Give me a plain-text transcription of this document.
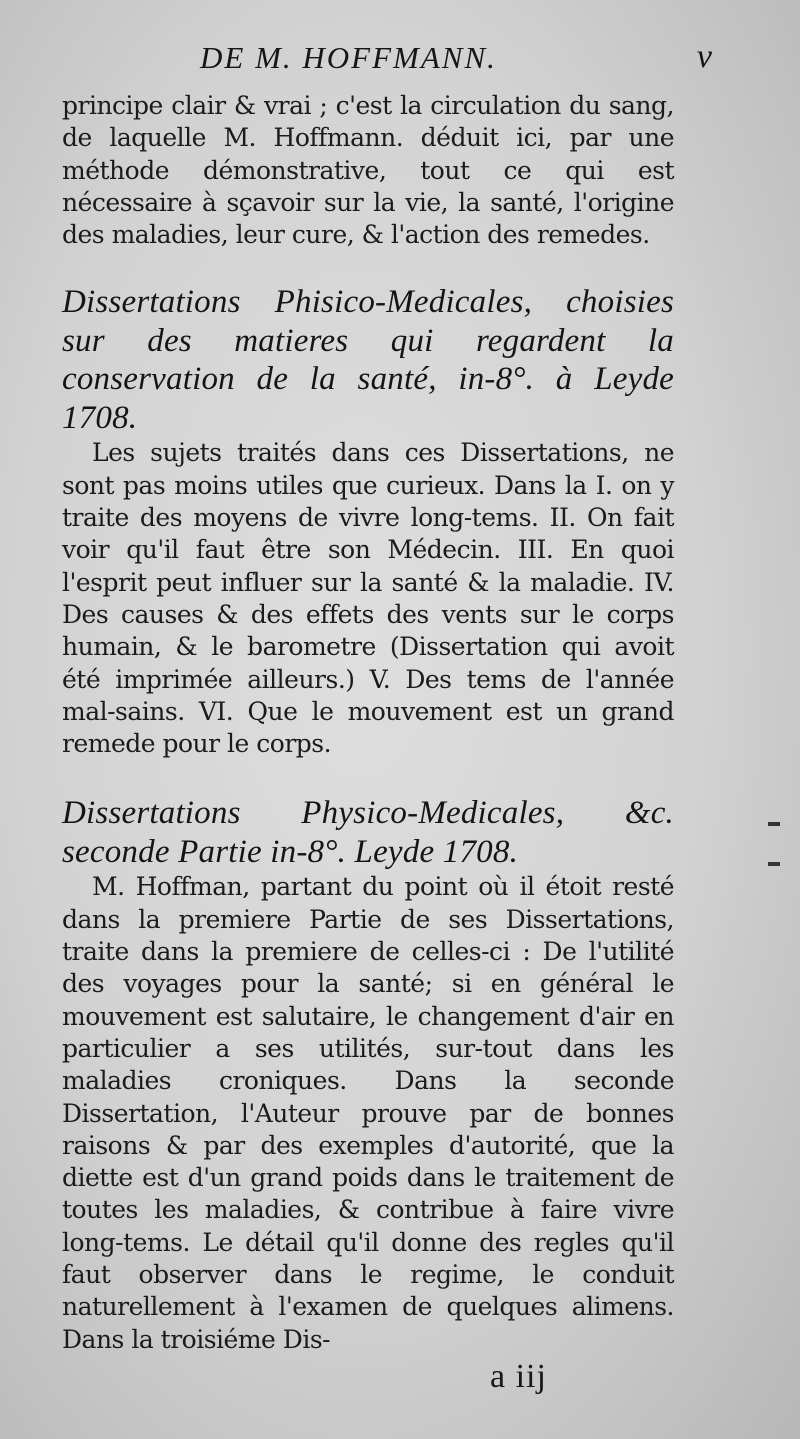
DE M. HOFFMANN.	v

principe clair & vrai ; c'est la circulation du sang, de laquelle M. Hoffmann. déduit ici, par une méthode démonstrative, tout ce qui est nécessaire à sçavoir sur la vie, la santé, l'origine des maladies, leur cure, & l'action des remedes.

Dissertations Phisico-Medicales, choisies sur des matieres qui regardent la conservation de la santé, in-8°. à Leyde 1708.

Les sujets traités dans ces Dissertations, ne sont pas moins utiles que curieux. Dans la I. on y traite des moyens de vivre long-tems. II. On fait voir qu'il faut être son Médecin. III. En quoi l'esprit peut influer sur la santé & la maladie. IV. Des causes & des effets des vents sur le corps humain, & le barometre (Dissertation qui avoit été imprimée ailleurs.) V. Des tems de l'année mal-sains. VI. Que le mouvement est un grand remede pour le corps.

Dissertations Physico-Medicales, &c. seconde Partie in-8°. Leyde 1708.

M. Hoffman, partant du point où il étoit resté dans la premiere Partie de ses Dissertations, traite dans la premiere de celles-ci : De l'utilité des voyages pour la santé; si en général le mouvement est salutaire, le changement d'air en particulier a ses utilités, sur-tout dans les maladies croniques. Dans la seconde Dissertation, l'Auteur prouve par de bonnes raisons & par des exemples d'autorité, que la diette est d'un grand poids dans le traitement de toutes les maladies, & contribue à faire vivre long-tems. Le détail qu'il donne des regles qu'il faut observer dans le regime, le conduit naturellement à l'examen de quelques alimens. Dans la troisiéme Dis-

a iij
